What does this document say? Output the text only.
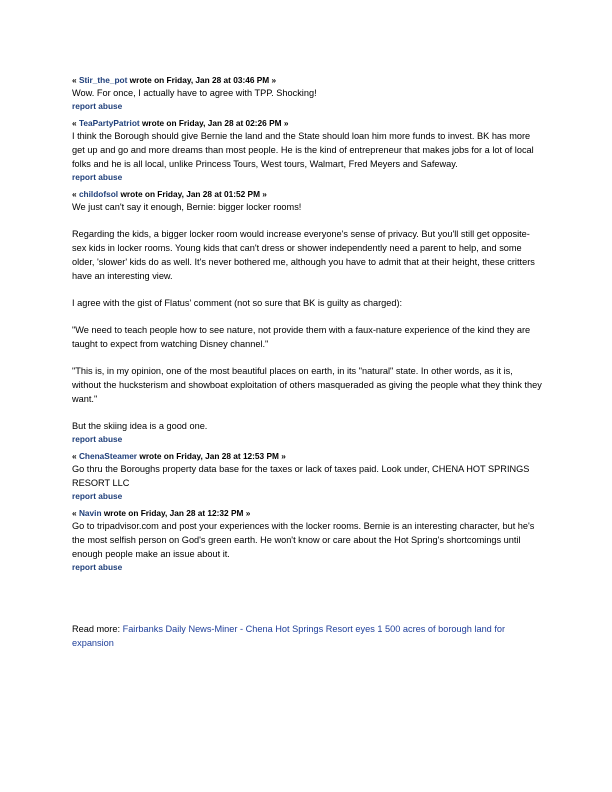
« Stir_the_pot wrote on Friday, Jan 28 at 03:46 PM »

Wow. For once, I actually have to agree with TPP. Shocking!

report abuse
« TeaPartyPatriot wrote on Friday, Jan 28 at 02:26 PM »

I think the Borough should give Bernie the land and the State should loan him more funds to invest. BK has more get up and go and more dreams than most people. He is the kind of entrepreneur that makes jobs for a lot of local folks and he is all local, unlike Princess Tours, West tours, Walmart, Fred Meyers and Safeway.

report abuse
« childofsol wrote on Friday, Jan 28 at 01:52 PM »

We just can't say it enough, Bernie: bigger locker rooms!

Regarding the kids, a bigger locker room would increase everyone's sense of privacy. But you'll still get opposite-sex kids in locker rooms. Young kids that can't dress or shower independently need a parent to help, and some older, 'slower' kids do as well. It's never bothered me, although you have to admit that at their height, these critters have an interesting view.

I agree with the gist of Flatus' comment (not so sure that BK is guilty as charged):

"We need to teach people how to see nature, not provide them with a faux-nature experience of the kind they are taught to expect from watching Disney channel."

"This is, in my opinion, one of the most beautiful places on earth, in its "natural" state. In other words, as it is, without the hucksterism and showboat exploitation of others masqueraded as giving the people what they think they want."

But the skiing idea is a good one.

report abuse
« ChenaSteamer wrote on Friday, Jan 28 at 12:53 PM »

Go thru the Boroughs property data base for the taxes or lack of taxes paid. Look under, CHENA HOT SPRINGS RESORT LLC

report abuse
« Navin wrote on Friday, Jan 28 at 12:32 PM »

Go to tripadvisor.com and post your experiences with the locker rooms. Bernie is an interesting character, but he's the most selfish person on God's green earth. He won't know or care about the Hot Spring's shortcomings until enough people make an issue about it.

report abuse
Read more: Fairbanks Daily News-Miner - Chena Hot Springs Resort eyes 1 500 acres of borough land for expansion
